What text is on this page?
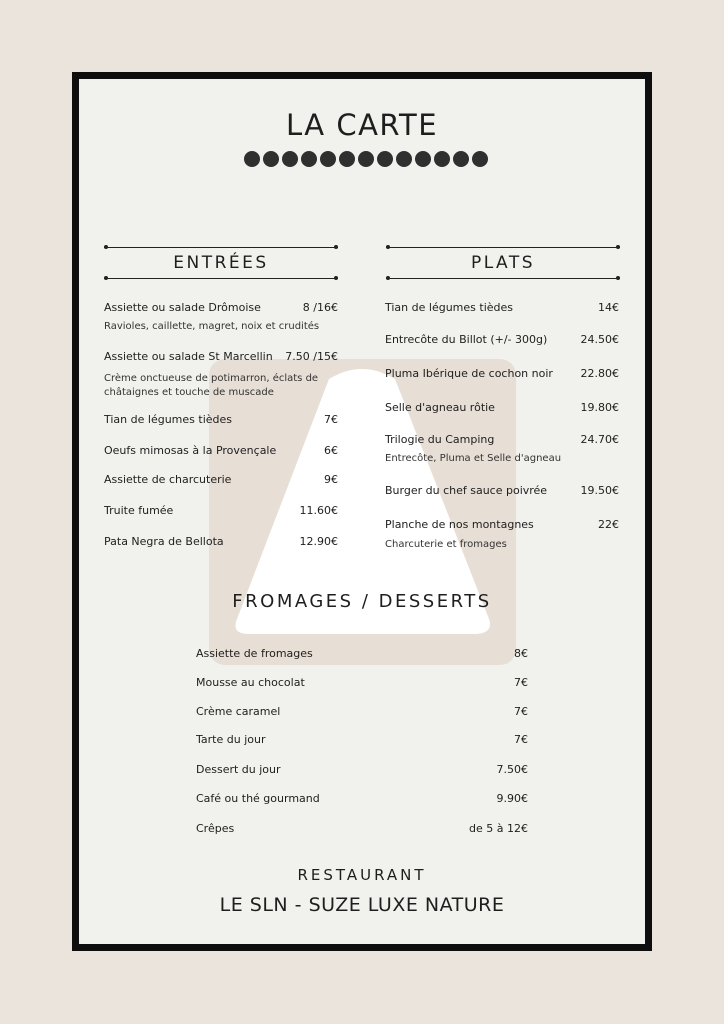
LA CARTE
ENTRÉES	PLATS
Assiette ou salade Drômoise	8 /16€
Ravioles, caillette, magret, noix et crudités
Assiette ou salade St Marcellin 7.50 /15€
Crème onctueuse de potimarron, éclats de châtaignes et touche de muscade
Tian de légumes tièdes	7€
Oeufs mimosas à la Provençale	6€
Assiette de charcuterie	9€
Truite fumée	11.60€
Pata Negra de Bellota	12.90€
Tian de légumes tièdes	14€
Entrecôte du Billot (+/- 300g)	24.50€
Pluma Ibérique de cochon noir	22.80€
Selle d'agneau rôtie	19.80€
Trilogie du Camping	24.70€
Entrecôte, Pluma et Selle d'agneau
Burger du chef sauce poivrée	19.50€
Planche de nos montagnes	22€
Charcuterie et fromages
FROMAGES / DESSERTS
Assiette de fromages	8€
Mousse au chocolat	7€
Crème caramel	7€
Tarte du jour	7€
Dessert du jour	7.50€
Café ou thé gourmand	9.90€
Crêpes	de 5 à 12€
RESTAURANT
LE SLN - SUZE LUXE NATURE
